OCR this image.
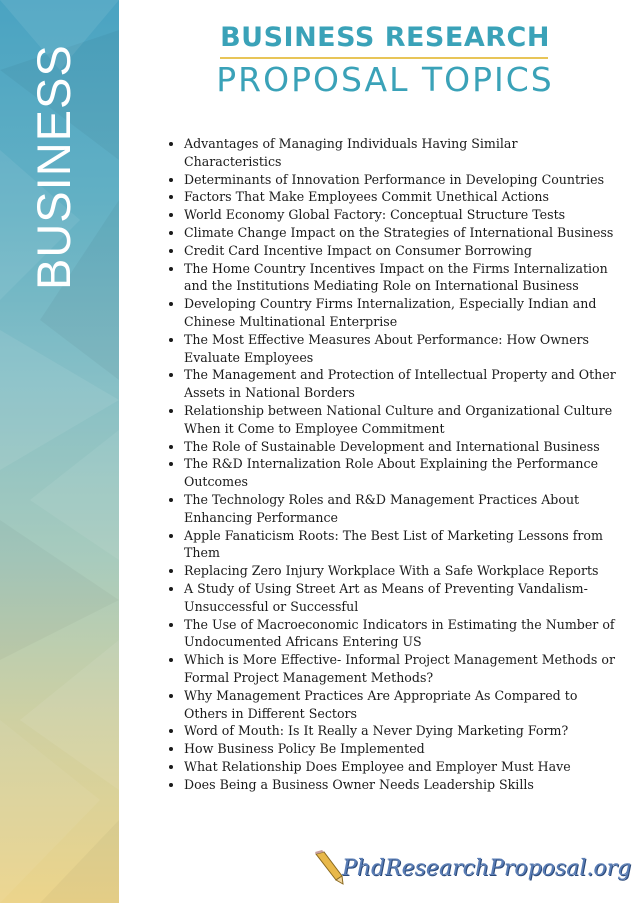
BUSINESS
BUSINESS RESEARCH
PROPOSAL TOPICS
• Advantages of Managing Individuals Having Similar Characteristics
• Determinants of Innovation Performance in Developing Countries
• Factors That Make Employees Commit Unethical Actions
• World Economy Global Factory: Conceptual Structure Tests
• Climate Change Impact on the Strategies of International Business
• Credit Card Incentive Impact on Consumer Borrowing
• The Home Country Incentives Impact on the Firms Internalization and the Institutions Mediating Role on International Business
• Developing Country Firms Internalization, Especially Indian and Chinese Multinational Enterprise
• The Most Effective Measures About Performance: How Owners Evaluate Employees
• The Management and Protection of Intellectual Property and Other Assets in National Borders
• Relationship between National Culture and Organizational Culture When it Come to Employee Commitment
• The Role of Sustainable Development and International Business
• The R&D Internalization Role About Explaining the Performance Outcomes
• The Technology Roles and R&D Management Practices About Enhancing Performance
• Apple Fanaticism Roots: The Best List of Marketing Lessons from Them
• Replacing Zero Injury Workplace With a Safe Workplace Reports
• A Study of Using Street Art as Means of Preventing Vandalism- Unsuccessful or Successful
• The Use of Macroeconomic Indicators in Estimating the Number of Undocumented Africans Entering US
• Which is More Effective- Informal Project Management Methods or Formal Project Management Methods?
• Why Management Practices Are Appropriate As Compared to Others in Different Sectors
• Word of Mouth: Is It Really a Never Dying Marketing Form?
• How Business Policy Be Implemented
• What Relationship Does Employee and Employer Must Have
• Does Being a Business Owner Needs Leadership Skills
PhdResearchProposal.org
